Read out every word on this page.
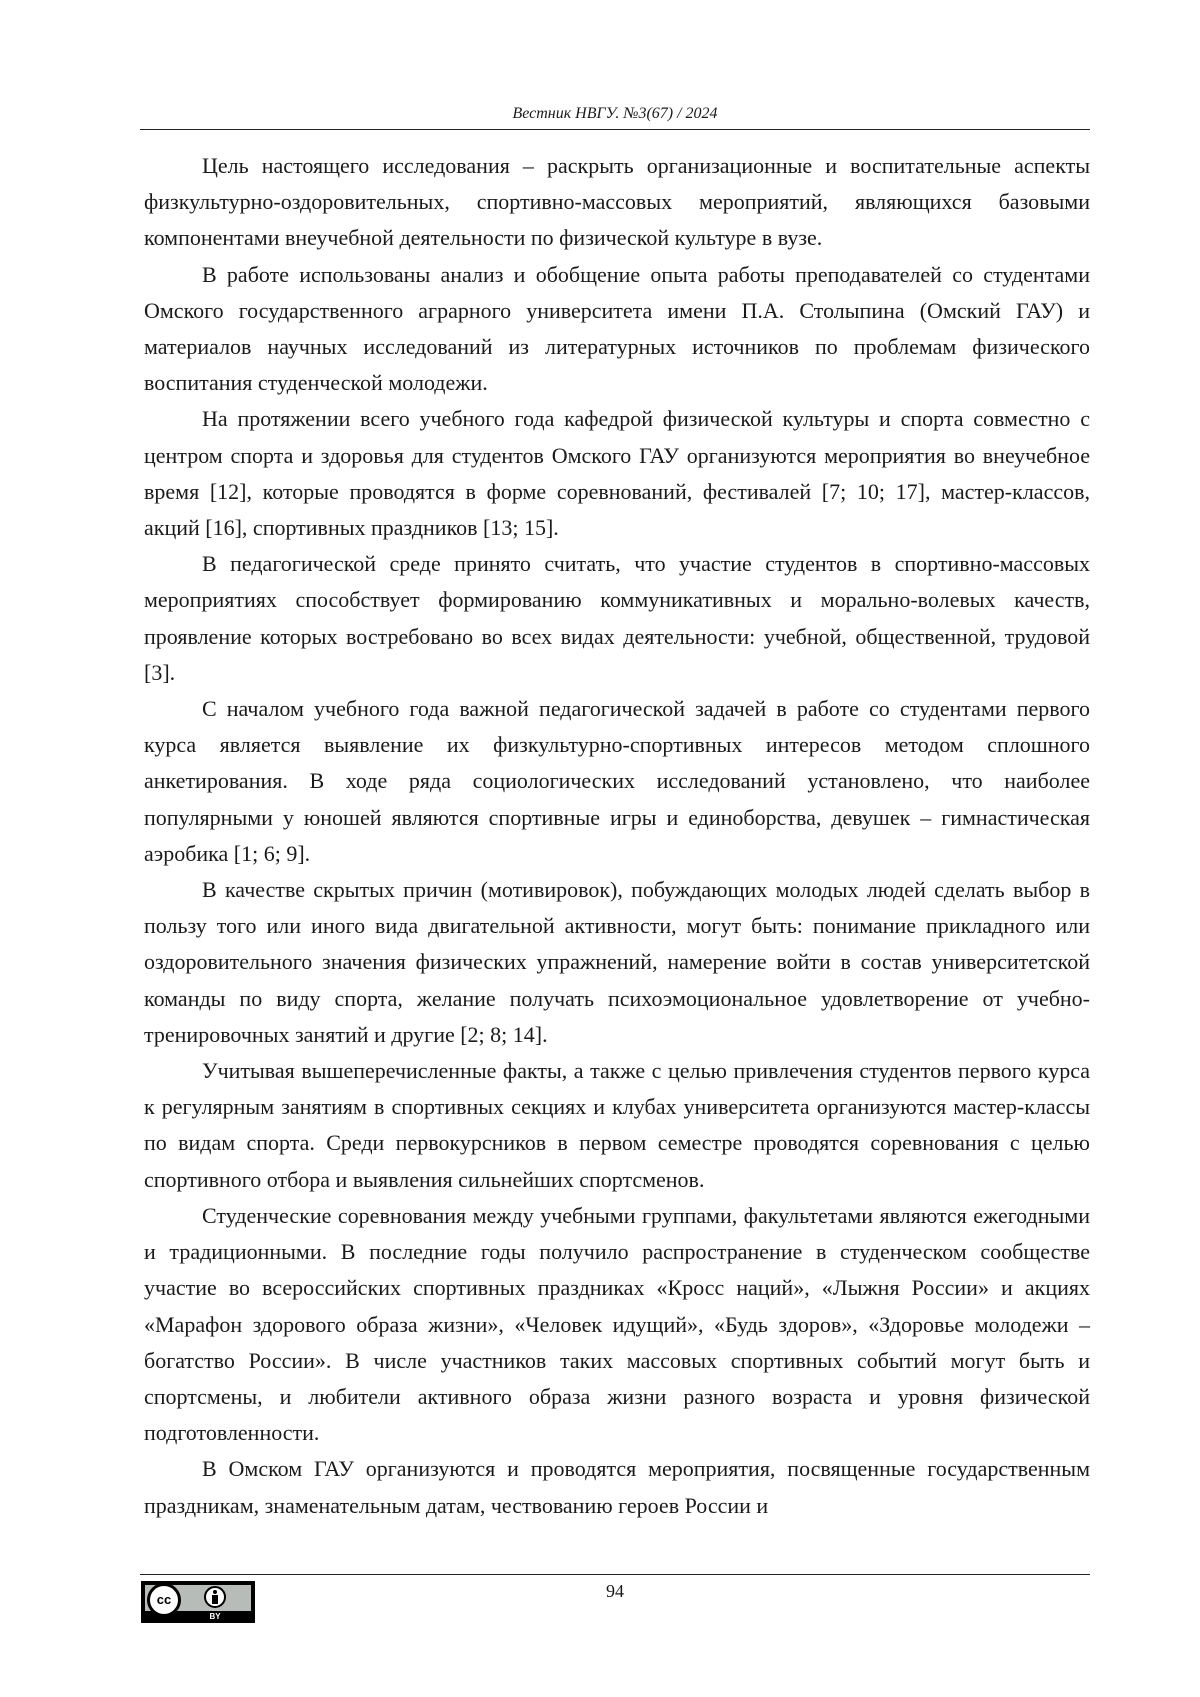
Вестник НВГУ. №3(67) / 2024

Цель настоящего исследования – раскрыть организационные и воспитательные аспекты физкультурно-оздоровительных, спортивно-массовых мероприятий, являющихся базовыми компонентами внеучебной деятельности по физической культуре в вузе.

В работе использованы анализ и обобщение опыта работы преподавателей со студентами Омского государственного аграрного университета имени П.А. Столыпина (Омский ГАУ) и материалов научных исследований из литературных источников по проблемам физического воспитания студенческой молодежи.

На протяжении всего учебного года кафедрой физической культуры и спорта совместно с центром спорта и здоровья для студентов Омского ГАУ организуются мероприятия во внеучебное время [12], которые проводятся в форме соревнований, фестивалей [7; 10; 17], мастер-классов, акций [16], спортивных праздников [13; 15].

В педагогической среде принято считать, что участие студентов в спортивно-массовых мероприятиях способствует формированию коммуникативных и морально-волевых качеств, проявление которых востребовано во всех видах деятельности: учебной, общественной, трудовой [3].

С началом учебного года важной педагогической задачей в работе со студентами первого курса является выявление их физкультурно-спортивных интересов методом сплошного анкетирования. В ходе ряда социологических исследований установлено, что наиболее популярными у юношей являются спортивные игры и единоборства, девушек – гимнастическая аэробика [1; 6; 9].

В качестве скрытых причин (мотивировок), побуждающих молодых людей сделать выбор в пользу того или иного вида двигательной активности, могут быть: понимание прикладного или оздоровительного значения физических упражнений, намерение войти в состав университетской команды по виду спорта, желание получать психоэмоциональное удовлетворение от учебно-тренировочных занятий и другие [2; 8; 14].

Учитывая вышеперечисленные факты, а также с целью привлечения студентов первого курса к регулярным занятиям в спортивных секциях и клубах университета организуются мастер-классы по видам спорта. Среди первокурсников в первом семестре проводятся соревнования с целью спортивного отбора и выявления сильнейших спортсменов.

Студенческие соревнования между учебными группами, факультетами являются ежегодными и традиционными. В последние годы получило распространение в студенческом сообществе участие во всероссийских спортивных праздниках «Кросс наций», «Лыжня России» и акциях «Марафон здорового образа жизни», «Человек идущий», «Будь здоров», «Здоровье молодежи – богатство России». В числе участников таких массовых спортивных событий могут быть и спортсмены, и любители активного образа жизни разного возраста и уровня физической подготовленности.

В Омском ГАУ организуются и проводятся мероприятия, посвященные государственным праздникам, знаменательным датам, чествованию героев России и

cc
BY
94
